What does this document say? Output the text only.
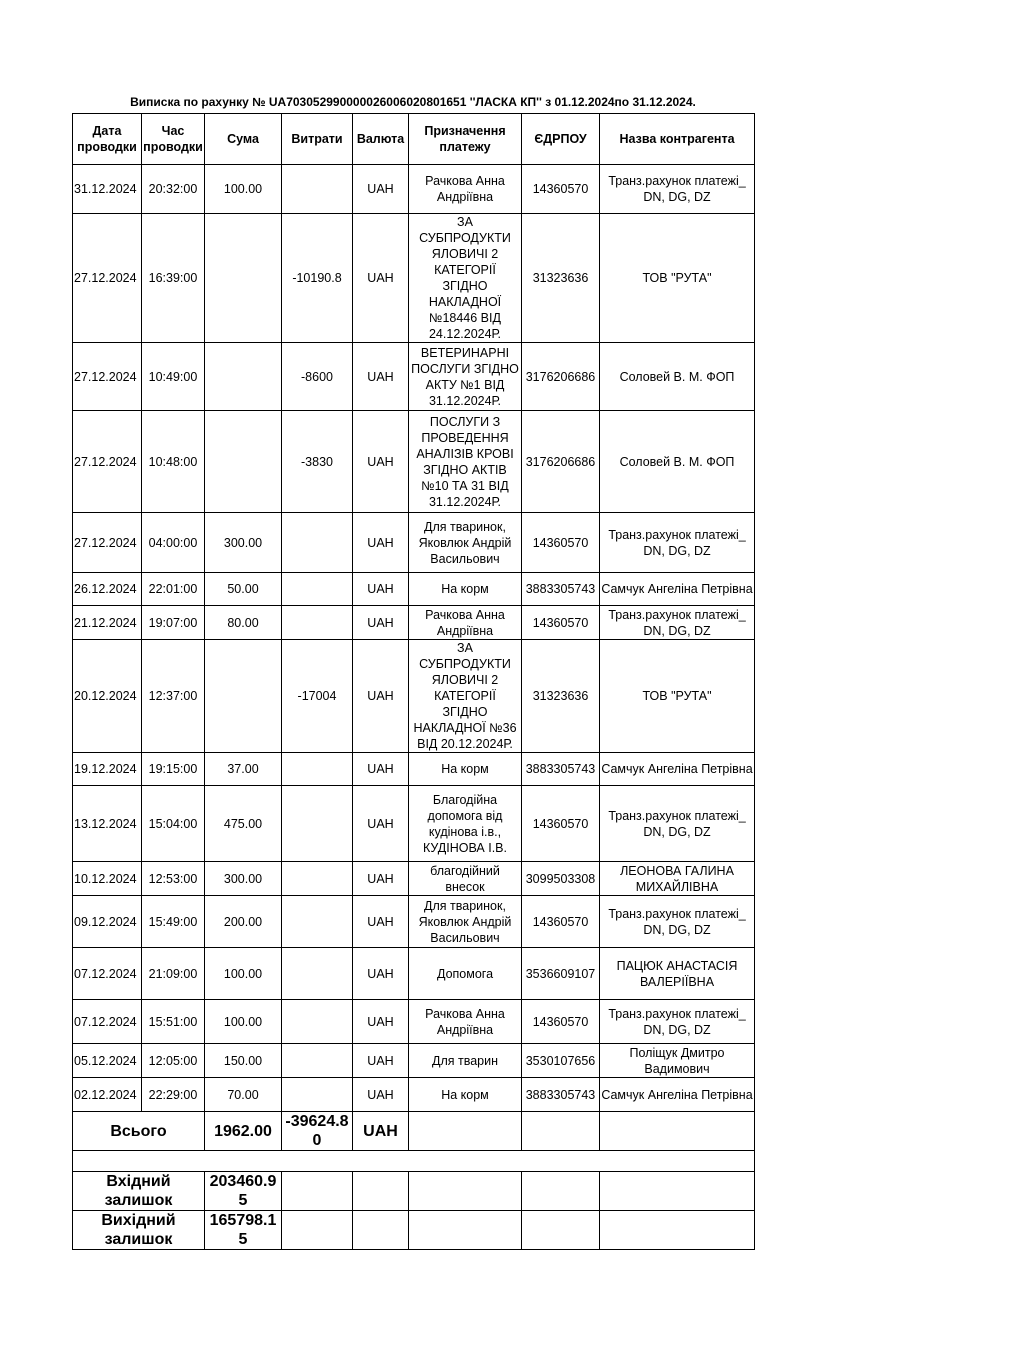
Виписка по рахунку № UA703052990000026006020801651 ''ЛАСКА КП'' з 01.12.2024по 31.12.2024.
Дата проводки	Час проводки	Сума	Витрати	Валюта	Призначення платежу	ЄДРПОУ	Назва контрагента
31.12.2024	20:32:00	100.00		UAH	Рачкова Анна Андріївна	14360570	Транз.рахунок платежі_ DN, DG, DZ
27.12.2024	16:39:00		-10190.8	UAH	ЗА СУБПРОДУКТИ ЯЛОВИЧІ 2 КАТЕГОРІЇ ЗГІДНО НАКЛАДНОЇ №18446 ВІД 24.12.2024Р.	31323636	ТОВ "РУТА"
27.12.2024	10:49:00		-8600	UAH	ВЕТЕРИНАРНІ ПОСЛУГИ ЗГІДНО АКТУ №1 ВІД 31.12.2024Р.	3176206686	Соловей В. М. ФОП
27.12.2024	10:48:00		-3830	UAH	ПОСЛУГИ З ПРОВЕДЕННЯ АНАЛІЗІВ КРОВІ ЗГІДНО АКТІВ №10 ТА 31 ВІД 31.12.2024Р.	3176206686	Соловей В. М. ФОП
27.12.2024	04:00:00	300.00		UAH	Для тваринок, Яковлюк Андрій Васильович	14360570	Транз.рахунок платежі_ DN, DG, DZ
26.12.2024	22:01:00	50.00		UAH	На корм	3883305743	Самчук Ангеліна Петрівна
21.12.2024	19:07:00	80.00		UAH	Рачкова Анна Андріївна	14360570	Транз.рахунок платежі_ DN, DG, DZ
20.12.2024	12:37:00		-17004	UAH	ЗА СУБПРОДУКТИ ЯЛОВИЧІ 2 КАТЕГОРІЇ ЗГІДНО НАКЛАДНОЇ №36 ВІД 20.12.2024Р.	31323636	ТОВ "РУТА"
19.12.2024	19:15:00	37.00		UAH	На корм	3883305743	Самчук Ангеліна Петрівна
13.12.2024	15:04:00	475.00		UAH	Благодійна допомога від кудінова і.в., КУДІНОВА І.В.	14360570	Транз.рахунок платежі_ DN, DG, DZ
10.12.2024	12:53:00	300.00		UAH	благодійний внесок	3099503308	ЛЕОНОВА ГАЛИНА МИХАЙЛІВНА
09.12.2024	15:49:00	200.00		UAH	Для тваринок, Яковлюк Андрій Васильович	14360570	Транз.рахунок платежі_ DN, DG, DZ
07.12.2024	21:09:00	100.00		UAH	Допомога	3536609107	ПАЦЮК АНАСТАСІЯ ВАЛЕРІЇВНА
07.12.2024	15:51:00	100.00		UAH	Рачкова Анна Андріївна	14360570	Транз.рахунок платежі_ DN, DG, DZ
05.12.2024	12:05:00	150.00		UAH	Для тварин	3530107656	Поліщук Дмитро Вадимович
02.12.2024	22:29:00	70.00		UAH	На корм	3883305743	Самчук Ангеліна Петрівна
Всього		1962.00	-39624.80	UAH			

Вхідний залишок		203460.95					
Вихідний залишок		165798.15					
